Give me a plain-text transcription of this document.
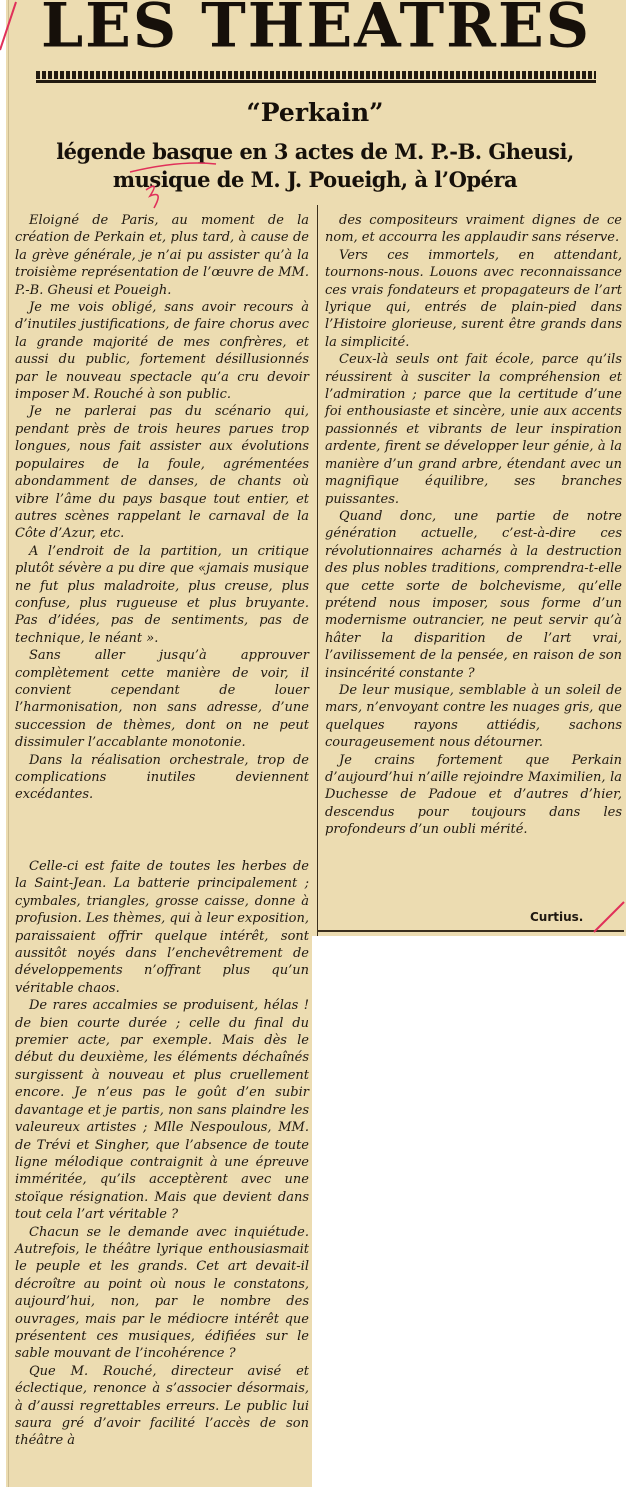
LES THEATRES
“Perkain”
légende basque en 3 actes de M. P.-B. Gheusi,
musique de M. J. Poueigh, à l’Opéra

Eloigné de Paris, au moment de la création de Perkain et, plus tard, à cause de la grève générale, je n’ai pu assister qu’à la troisième représentation de l’œuvre de MM. P.-B. Gheusi et Poueigh.

Je me vois obligé, sans avoir recours à d’inutiles justifications, de faire chorus avec la grande majorité de mes confrères, et aussi du public, fortement désillusionnés par le nouveau spectacle qu’a cru devoir imposer M. Rouché à son public.

Je ne parlerai pas du scénario qui, pendant près de trois heures parues trop longues, nous fait assister aux évolutions populaires de la foule, agrémentées abondamment de danses, de chants où vibre l’âme du pays basque tout entier, et autres scènes rappelant le carnaval de la Côte d’Azur, etc.

A l’endroit de la partition, un critique plutôt sévère a pu dire que «jamais musique ne fut plus maladroite, plus creuse, plus confuse, plus rugueuse et plus bruyante. Pas d’idées, pas de sentiments, pas de technique, le néant ».

Sans aller jusqu’à approuver complètement cette manière de voir, il convient cependant de louer l’harmonisation, non sans adresse, d’une succession de thèmes, dont on ne peut dissimuler l’accablante monotonie.

Dans la réalisation orchestrale, trop de complications inutiles deviennent excédantes.

Celle-ci est faite de toutes les herbes de la Saint-Jean. La batterie principalement ; cymbales, triangles, grosse caisse, donne à profusion. Les thèmes, qui à leur exposition, paraissaient offrir quelque intérêt, sont aussitôt noyés dans l’enchevêtrement de développements n’offrant plus qu’un véritable chaos.

De rares accalmies se produisent, hélas ! de bien courte durée ; celle du final du premier acte, par exemple. Mais dès le début du deuxième, les éléments déchaînés surgissent à nouveau et plus cruellement encore. Je n’eus pas le goût d’en subir davantage et je partis, non sans plaindre les valeureux artistes ; Mlle Nespoulous, MM. de Trévi et Singher, que l’absence de toute ligne mélodique contraignit à une épreuve imméritée, qu’ils acceptèrent avec une stoïque résignation. Mais que devient dans tout cela l’art véritable ?

Chacun se le demande avec inquiétude. Autrefois, le théâtre lyrique enthousiasmait le peuple et les grands. Cet art devait-il décroître au point où nous le constatons, aujourd’hui, non, par le nombre des ouvrages, mais par le médiocre intérêt que présentent ces musiques, édifiées sur le sable mouvant de l’incohérence ?

Que M. Rouché, directeur avisé et éclectique, renonce à s’associer désormais, à d’aussi regrettables erreurs. Le public lui saura gré d’avoir facilité l’accès de son théâtre à

des compositeurs vraiment dignes de ce nom, et accourra les applaudir sans réserve.

Vers ces immortels, en attendant, tournons-nous. Louons avec reconnaissance ces vrais fondateurs et propagateurs de l’art lyrique qui, entrés de plain-pied dans l’Histoire glorieuse, surent être grands dans la simplicité.

Ceux-là seuls ont fait école, parce qu’ils réussirent à susciter la compréhension et l’admiration ; parce que la certitude d’une foi enthousiaste et sincère, unie aux accents passionnés et vibrants de leur inspiration ardente, firent se développer leur génie, à la manière d’un grand arbre, étendant avec un magnifique équilibre, ses branches puissantes.

Quand donc, une partie de notre génération actuelle, c’est-à-dire ces révolutionnaires acharnés à la destruction des plus nobles traditions, comprendra-t-elle que cette sorte de bolchevisme, qu’elle prétend nous imposer, sous forme d’un modernisme outrancier, ne peut servir qu’à hâter la disparition de l’art vrai, l’avilissement de la pensée, en raison de son insincérité constante ?

De leur musique, semblable à un soleil de mars, n’envoyant contre les nuages gris, que quelques rayons attiédis, sachons courageusement nous détourner.

Je crains fortement que Perkain d’aujourd’hui n’aille rejoindre Maximilien, la Duchesse de Padoue et d’autres d’hier, descendus pour toujours dans les profondeurs d’un oubli mérité.

Curtius.
